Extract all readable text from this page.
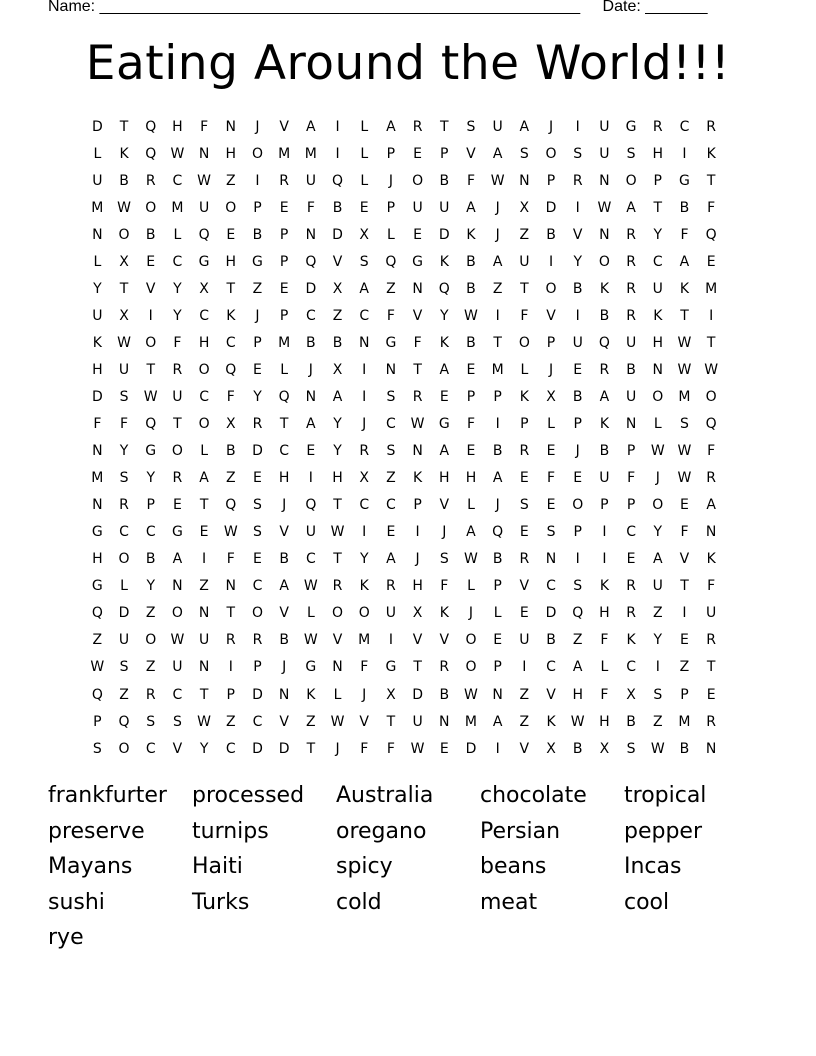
Name: ______________________________________________________ Date: _______
Eating Around the World!!!
D	T	Q	H	F	N	J	V	A	I	L	A	R	T	S	U	A	J	I	U	G	R	C	R
L	K	Q	W	N	H	O	M	M	I	L	P	E	P	V	A	S	O	S	U	S	H	I	K
U	B	R	C	W	Z	I	R	U	Q	L	J	O	B	F	W	N	P	R	N	O	P	G	T
M W	O	M	U	O	P	E	F	B	E	P	U	U	A	J	X	D	I	W	A	T	B	F
N	O	B	L	Q	E	B	P	N	D	X	L	E	D	K	J	Z	B	V	N	R	Y	F	Q
L	X	E	C	G	H	G	P	Q	V	S	Q	G	K	B	A	U	I	Y	O	R	C	A	E
Y	T	V	Y	X	T	Z	E	D	X	A	Z	N	Q	B	Z	T	O	B	K	R	U	K	M
U	X	I	Y	C	K	J	P	C	Z	C	F	V	Y	W	I	F	V	I	B	R	K	T	I
K	W	O	F	H	C	P	M	B	B	N	G	F	K	B	T	O	P	U	Q	U	H	W	T
H	U	T	R	O	Q	E	L	J	X	I	N	T	A	E	M	L	J	E	R	B	N	W W
D	S	W	U	C	F	Y	Q	N	A	I	S	R	E	P	P	K	X	B	A	U	O	M	O
F	F	Q	T	O	X	R	T	A	Y	J	C	W	G	F	I	P	L	P	K	N	L	S	Q
N	Y	G	O	L	B	D	C	E	Y	R	S	N	A	E	B	R	E	J	B	P	W W	F
M	S	Y	R	A	Z	E	H	I	H	X	Z	K	H	H	A	E	F	E	U	F	J	W	R
N	R	P	E	T	Q	S	J	Q	T	C	C	P	V	L	J	S	E	O	P	P	O	E	A
G	C	C	G	E	W	S	V	U	W	I	E	I	J	A	Q	E	S	P	I	C	Y	F	N
H	O	B	A	I	F	E	B	C	T	Y	A	J	S	W	B	R	N	I	I	E	A	V	K
G	L	Y	N	Z	N	C	A	W	R	K	R	H	F	L	P	V	C	S	K	R	U	T	F
Q	D	Z	O	N	T	O	V	L	O	O	U	X	K	J	L	E	D	Q	H	R	Z	I	U
Z	U	O	W	U	R	R	B	W	V	M	I	V	V	O	E	U	B	Z	F	K	Y	E	R
W	S	Z	U	N	I	P	J	G	N	F	G	T	R	O	P	I	C	A	L	C	I	Z	T
Q	Z	R	C	T	P	D	N	K	L	J	X	D	B	W	N	Z	V	H	F	X	S	P	E
P	Q	S	S	W	Z	C	V	Z	W	V	T	U	N	M	A	Z	K	W	H	B	Z	M	R
S	O	C	V	Y	C	D	D	T	J	F	F	W	E	D	I	V	X	B	X	S	W	B	N
frankfurter	processed	Australia	chocolate	tropical
preserve	turnips	oregano	Persian	pepper
Mayans	Haiti	spicy	beans	Incas
sushi	Turks	cold	meat	cool
rye
